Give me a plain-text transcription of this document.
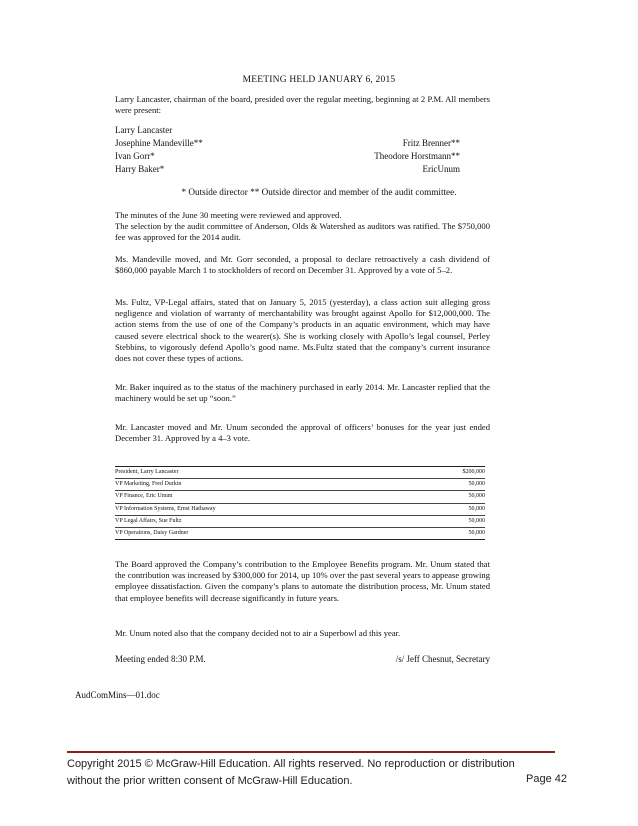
MEETING HELD JANUARY 6, 2015
Larry Lancaster, chairman of the board, presided over the regular meeting, beginning at 2 P.M. All members were present:
Larry Lancaster
Josephine Mandeville**	Fritz Brenner**
Ivan Gorr*	Theodore Horstmann**
Harry Baker*	EricUnum
* Outside director ** Outside director and member of the audit committee.
The minutes of the June 30 meeting were reviewed and approved.
The selection by the audit committee of Anderson, Olds & Watershed as auditors was ratified. The $750,000 fee was approved for the 2014 audit.
Ms. Mandeville moved, and Mr. Gorr seconded, a proposal to declare retroactively a cash dividend of $860,000 payable March 1 to stockholders of record on December 31. Approved by a vote of 5–2.
Ms. Fultz, VP-Legal affairs, stated that on January 5, 2015 (yesterday), a class action suit alleging gross negligence and violation of warranty of merchantability was brought against Apollo for $12,000,000. The action stems from the use of one of the Company’s products in an aquatic environment, which may have caused severe electrical shock to the wearer(s). She is working closely with Apollo’s legal counsel, Perley Stebbins, to vigorously defend Apollo’s good name. Ms.Fultz stated that the company’s current insurance does not cover these types of actions.
Mr. Baker inquired as to the status of the machinery purchased in early 2014. Mr. Lancaster replied that the machinery would be set up “soon.”
Mr. Lancaster moved and Mr. Unum seconded the approval of officers’ bonuses for the year just ended December 31. Approved by a 4–3 vote.
President, Larry Lancaster	$200,000
VP Marketing, Fred Durkin	50,000
VP Finance, Eric Unum	50,000
VP Information Systems, Ernst Hathaway	50,000
VP Legal Affairs, Sue Fultz	50,000
VP Operations, Daisy Gardner	50,000
The Board approved the Company’s contribution to the Employee Benefits program. Mr. Unum stated that the contribution was increased by $300,000 for 2014, up 10% over the past several years to appease growing employee dissatisfaction. Given the company’s plans to automate the distribution process, Mr. Unum stated that employee benefits will decrease significantly in future years.
Mr. Unum noted also that the company decided not to air a Superbowl ad this year.
Meeting ended 8:30 P.M.	/s/ Jeff Chesnut, Secretary
AudComMins—01.doc
Copyright 2015 © McGraw-Hill Education. All rights reserved. No reproduction or distribution
without the prior written consent of McGraw-Hill Education.	Page 42
